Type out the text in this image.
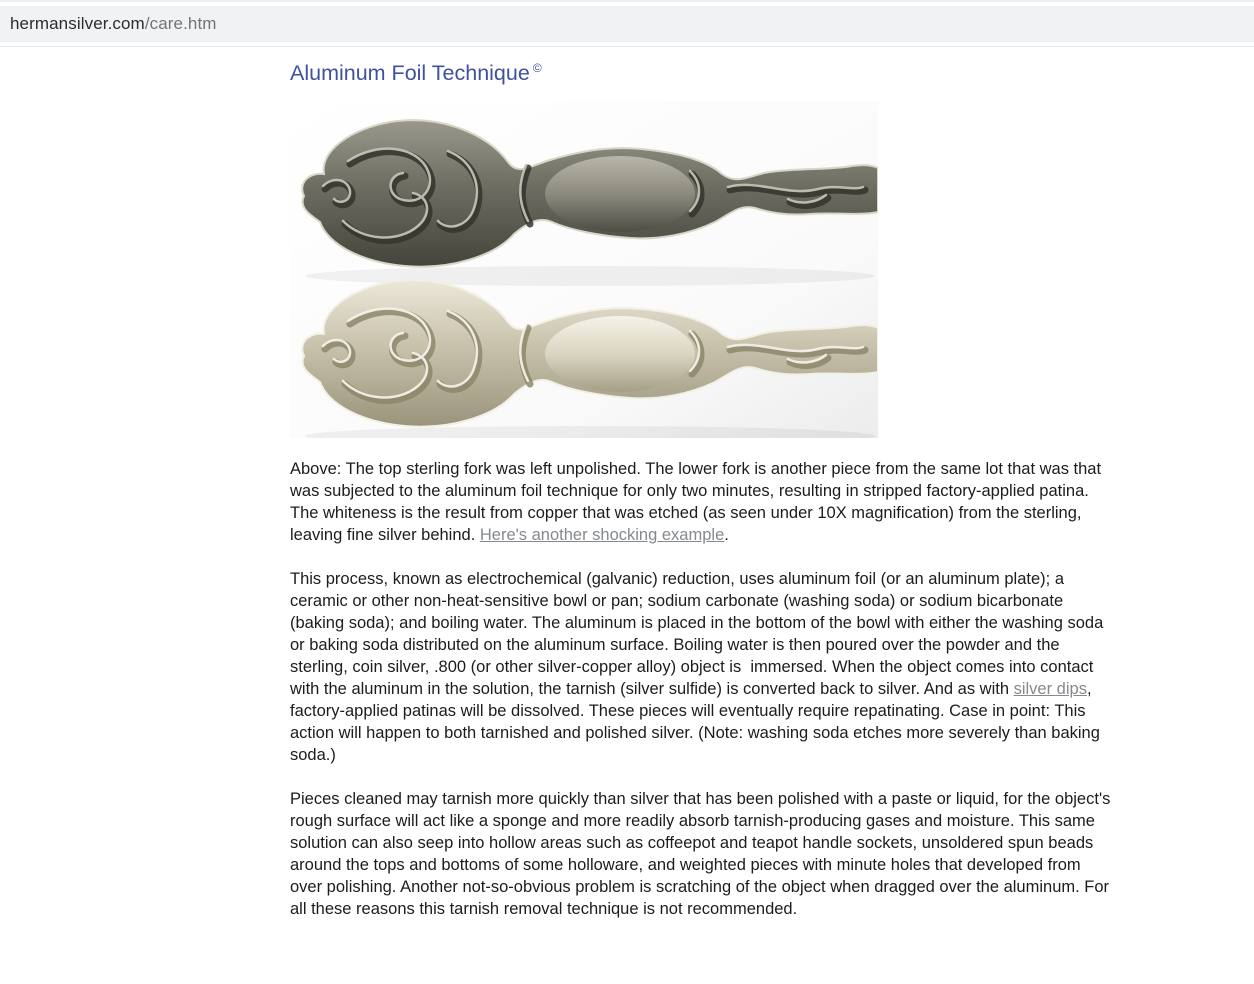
hermansilver.com /care.htm
Aluminum Foil Technique ©

Above: The top sterling fork was left unpolished. The lower fork is another piece from the same lot that was that was subjected to the aluminum foil technique for only two minutes, resulting in stripped factory-applied patina. The whiteness is the result from copper that was etched (as seen under 10X magnification) from the sterling, leaving fine silver behind. Here's another shocking example.

This process, known as electrochemical (galvanic) reduction, uses aluminum foil (or an aluminum plate); a ceramic or other non-heat-sensitive bowl or pan; sodium carbonate (washing soda) or sodium bicarbonate (baking soda); and boiling water. The aluminum is placed in the bottom of the bowl with either the washing soda or baking soda distributed on the aluminum surface. Boiling water is then poured over the powder and the sterling, coin silver, .800 (or other silver-copper alloy) object is  immersed. When the object comes into contact with the aluminum in the solution, the tarnish (silver sulfide) is converted back to silver. And as with silver dips, factory-applied patinas will be dissolved. These pieces will eventually require repatinating. Case in point: This action will happen to both tarnished and polished silver. (Note: washing soda etches more severely than baking soda.)

Pieces cleaned may tarnish more quickly than silver that has been polished with a paste or liquid, for the object's rough surface will act like a sponge and more readily absorb tarnish-producing gases and moisture. This same solution can also seep into hollow areas such as coffeepot and teapot handle sockets, unsoldered spun beads around the tops and bottoms of some holloware, and weighted pieces with minute holes that developed from over polishing. Another not-so-obvious problem is scratching of the object when dragged over the aluminum. For all these reasons this tarnish removal technique is not recommended.
